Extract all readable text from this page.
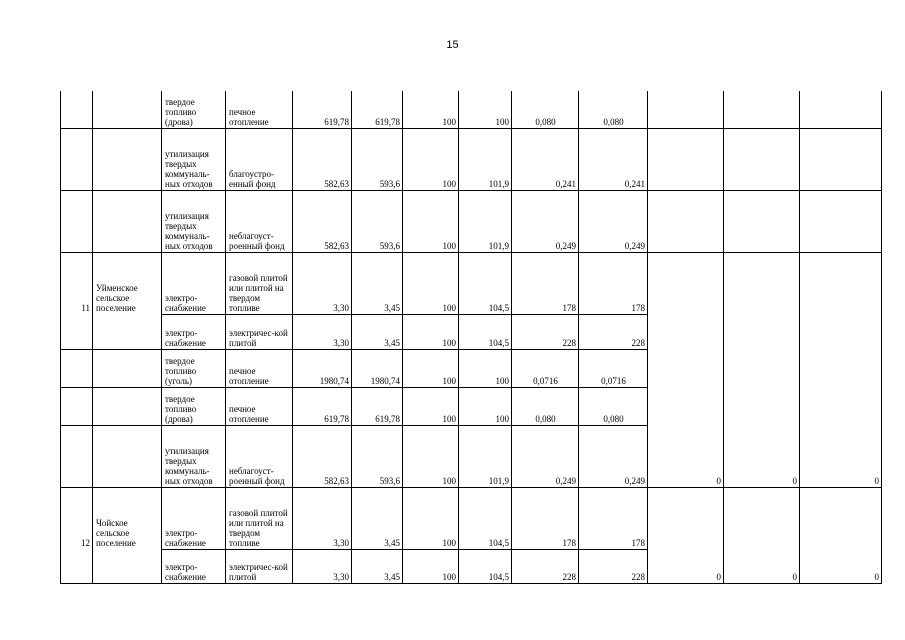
15
		твердое топливо (дрова)	печное отопление	619,78	619,78	100	100	0,080	0,080				
		утилизация твердых коммуналь-ных отходов	благоустро-енный фонд	582,63	593,6	100	101,9	0,241	0,241				
		утилизация твердых коммуналь-ных отходов	неблагоуст-роенный фонд	582,63	593,6	100	101,9	0,249	0,249				
11	Уйменское сельское поселение	электро-снабжение	газовой плитой или плитой на твердом топливе	3,30	3,45	100	104,5	178	178	0	0	0	
		электро-снабжение	электричес-кой плитой	3,30	3,45	100	104,5	228	228				
		твердое топливо (уголь)	печное отопление	1980,74	1980,74	100	100	0,0716	0,0716				
		твердое топливо (дрова)	печное отопление	619,78	619,78	100	100	0,080	0,080				
		утилизация твердых коммуналь-ных отходов	неблагоуст-роенный фонд	582,63	593,6	100	101,9	0,249	0,249				
12	Чойское сельское поселение	электро-снабжение	газовой плитой или плитой на твердом топливе	3,30	3,45	100	104,5	178	178	0	0	0	
		электро-снабжение	электричес-кой плитой	3,30	3,45	100	104,5	228	228				
